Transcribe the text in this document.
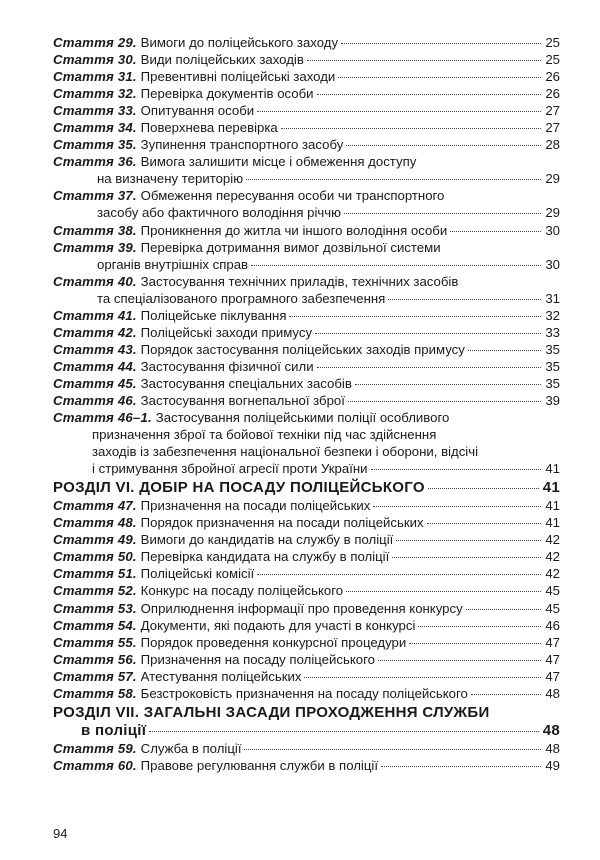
Стаття 29. Вимоги до поліцейського заходу	25
Стаття 30. Види поліцейських заходів	25
Стаття 31. Превентивні поліцейські заходи	26
Стаття 32. Перевірка документів особи	26
Стаття 33. Опитування особи	27
Стаття 34. Поверхнева перевірка	27
Стаття 35. Зупинення транспортного засобу	28
Стаття 36. Вимога залишити місце і обмеження доступу
на визначену територію	29
Стаття 37. Обмеження пересування особи чи транспортного
засобу або фактичного володіння річчю	29
Стаття 38. Проникнення до житла чи іншого володіння особи	30
Стаття 39. Перевірка дотримання вимог дозвільної системи
органів внутрішніх справ	30
Стаття 40. Застосування технічних приладів, технічних засобів
та спеціалізованого програмного забезпечення	31
Стаття 41. Поліцейське піклування	32
Стаття 42. Поліцейські заходи примусу	33
Стаття 43. Порядок застосування поліцейських заходів примусу	35
Стаття 44. Застосування фізичної сили	35
Стаття 45. Застосування спеціальних засобів	35
Стаття 46. Застосування вогнепальної зброї	39
Стаття 46–1. Застосування поліцейськими поліції особливого
призначення зброї та бойової техніки під час здійснення
заходів із забезпечення національної безпеки і оборони, відсічі
і стримування збройної агресії проти України	41
РОЗДІЛ VI. ДОБІР НА ПОСАДУ ПОЛІЦЕЙСЬКОГО	41
Стаття 47. Призначення на посади поліцейських	41
Стаття 48. Порядок призначення на посади поліцейських	41
Стаття 49. Вимоги до кандидатів на службу в поліції	42
Стаття 50. Перевірка кандидата на службу в поліції	42
Стаття 51. Поліцейські комісії	42
Стаття 52. Конкурс на посаду поліцейського	45
Стаття 53. Оприлюднення інформації про проведення конкурсу	45
Стаття 54. Документи, які подають для участі в конкурсі	46
Стаття 55. Порядок проведення конкурсної процедури	47
Стаття 56. Призначення на посаду поліцейського	47
Стаття 57. Атестування поліцейських	47
Стаття 58. Безстроковість призначення на посаду поліцейського	48
РОЗДІЛ VII. ЗАГАЛЬНІ ЗАСАДИ ПРОХОДЖЕННЯ СЛУЖБИ
в поліції	48
Стаття 59. Служба в поліції	48
Стаття 60. Правове регулювання служби в поліції	49
94
